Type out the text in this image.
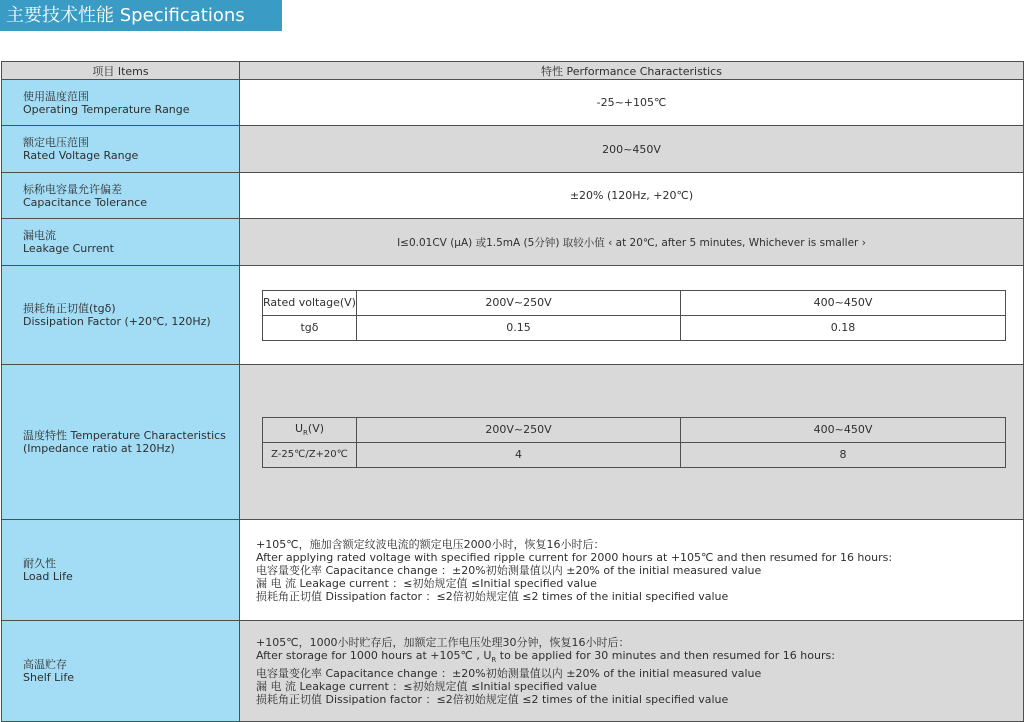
主要技术性能 Specifications
项目 Items	特性 Performance Characteristics

使用温度范围
Operating Temperature Range	-25~+105℃

额定电压范围
Rated Voltage Range	200~450V

标称电容量允许偏差
Capacitance Tolerance	±20% (120Hz, +20℃)

漏电流
Leakage Current	I≤0.01CV (μA) 或1.5mA (5分钟) 取较小值 ‹ at 20℃, after 5 minutes, Whichever is smaller ›

损耗角正切值(tgδ)
Dissipation Factor (+20℃, 120Hz)

Rated voltage(V)	200V~250V	400~450V
tgδ	0.15	0.18

温度特性 Temperature Characteristics
(Impedance ratio at 120Hz)

$U_R(V)$	200V~250V	400~450V
Z-25℃/Z+20℃	4	8

耐久性
Load Life

+105℃，施加含额定纹波电流的额定电压2000小时，恢复16小时后：
After applying rated voltage with specified ripple current for 2000 hours at +105℃ and then resumed for 16 hours:
电容量变化率 Capacitance change ：±20%初始测量值以内 ±20% of the initial measured value
漏 电 流 Leakage current ：≤初始规定值 ≤Initial specified value
损耗角正切值 Dissipation factor ：≤2倍初始规定值 ≤2 times of the initial specified value

高温贮存
Shelf Life

+105℃，1000小时贮存后，加额定工作电压处理30分钟，恢复16小时后：
After storage for 1000 hours at +105℃ , $U_R$ to be applied for 30 minutes and then resumed for 16 hours:
电容量变化率 Capacitance change ：±20%初始测量值以内 ±20% of the initial measured value
漏 电 流 Leakage current ：≤初始规定值 ≤Initial specified value
损耗角正切值 Dissipation factor ：≤2倍初始规定值 ≤2 times of the initial specified value
